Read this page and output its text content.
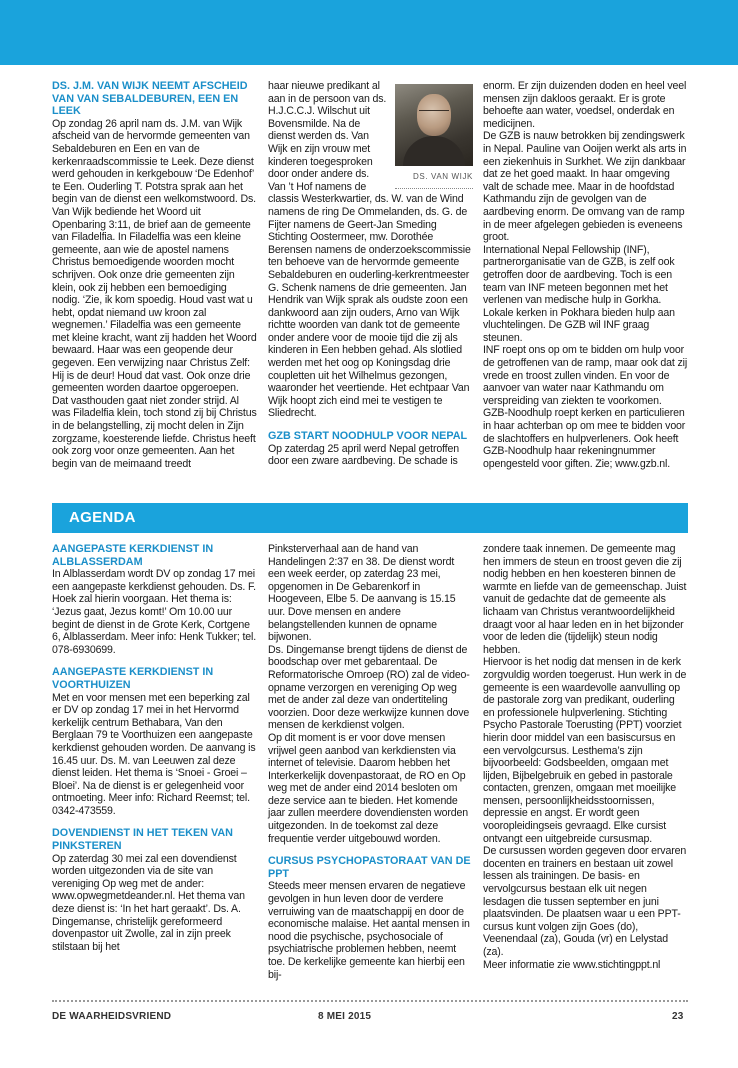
DS. J.M. VAN WIJK NEEMT AFSCHEID VAN VAN SEBALDEBUREN, EEN EN LEEK

Op zondag 26 april nam ds. J.M. van Wijk afscheid van de hervormde gemeenten van Sebaldeburen en Een en van de kerkenraadscommissie te Leek. Deze dienst werd gehouden in kerkgebouw ‘De Edenhof’ te Een. Ouderling T. Potstra sprak aan het begin van de dienst een welkomstwoord. Ds. Van Wijk bediende het Woord uit Openbaring 3:11, de brief aan de gemeente van Filadelfia. In Filadelfia was een kleine gemeente, aan wie de apostel namens Christus bemoedigende woorden mocht schrijven. Ook onze drie gemeenten zijn klein, ook zij hebben een bemoediging nodig. ‘Zie, ik kom spoedig. Houd vast wat u hebt, opdat niemand uw kroon zal wegnemen.’ Filadelfia was een gemeente met kleine kracht, want zij hadden het Woord bewaard. Haar was een geopende deur gegeven. Een verwijzing naar Christus Zelf: Hij is de deur! Houd dat vast. Ook onze drie gemeenten worden daartoe opgeroepen. Dat vasthouden gaat niet zonder strijd. Al was Filadelfia klein, toch stond zij bij Christus in de belangstelling, zij mocht delen in Zijn zorgzame, koesterende liefde. Christus heeft ook zorg voor onze gemeenten. Aan het begin van de meimaand treedt

DS. VAN WIJK

haar nieuwe predikant al aan in de persoon van ds. H.J.C.C.J. Wilschut uit Bovensmilde. Na de dienst werden ds. Van Wijk en zijn vrouw met kinderen toegesproken door onder andere ds. Van ’t Hof namens de classis Westerkwartier, ds. W. van de Wind namens de ring De Ommelanden, ds. G. de Fijter namens de Geert-Jan Smeding Stichting Oostermeer, mw. Dorothée Berensen namens de onderzoekscommissie ten behoeve van de hervormde gemeente Sebaldeburen en ouderling-kerkrentmeester G. Schenk namens de drie gemeenten. Jan Hendrik van Wijk sprak als oudste zoon een dankwoord aan zijn ouders, Arno van Wijk richtte woorden van dank tot de gemeente onder andere voor de mooie tijd die zij als kinderen in Een hebben gehad. Als slotlied werden met het oog op Koningsdag drie coupletten uit het Wilhelmus gezongen, waaronder het veertiende. Het echtpaar Van Wijk hoopt zich eind mei te vestigen te Sliedrecht.

GZB START NOODHULP VOOR NEPAL

Op zaterdag 25 april werd Nepal getroffen door een zware aardbeving. De schade is

enorm. Er zijn duizenden doden en heel veel mensen zijn dakloos geraakt. Er is grote behoefte aan water, voedsel, onderdak en medicijnen.

De GZB is nauw betrokken bij zendingswerk in Nepal. Pauline van Ooijen werkt als arts in een ziekenhuis in Surkhet. We zijn dankbaar dat ze het goed maakt. In haar omgeving valt de schade mee. Maar in de hoofdstad Kathmandu zijn de gevolgen van de aardbeving enorm. De omvang van de ramp in de meer afgelegen gebieden is eveneens groot.

International Nepal Fellowship (INF), partnerorganisatie van de GZB, is zelf ook getroffen door de aardbeving. Toch is een team van INF meteen begonnen met het verlenen van medische hulp in Gorkha. Lokale kerken in Pokhara bieden hulp aan vluchtelingen. De GZB wil INF graag steunen.

INF roept ons op om te bidden om hulp voor de getroffenen van de ramp, maar ook dat zij vrede en troost zullen vinden. En voor de aanvoer van water naar Kathmandu om verspreiding van ziekten te voorkomen. GZB-Noodhulp roept kerken en particulieren in haar achterban op om mee te bidden voor de slachtoffers en hulpverleners. Ook heeft GZB-Noodhulp haar rekeningnummer opengesteld voor giften. Zie; www.gzb.nl.

AGENDA
AANGEPASTE KERKDIENST IN ALBLASSERDAM

In Alblasserdam wordt DV op zondag 17 mei een aangepaste kerkdienst gehouden. Ds. F. Hoek zal hierin voorgaan. Het thema is: ‘Jezus gaat, Jezus komt!’ Om 10.00 uur begint de dienst in de Grote Kerk, Cortgene 6, Alblasserdam. Meer info: Henk Tukker; tel. 078-6930699.

AANGEPASTE KERKDIENST IN VOORTHUIZEN

Met en voor mensen met een beperking zal er DV op zondag 17 mei in het Hervormd kerkelijk centrum Bethabara, Van den Berglaan 79 te Voorthuizen een aangepaste kerkdienst gehouden worden. De aanvang is 16.45 uur. Ds. M. van Leeuwen zal deze dienst leiden. Het thema is ‘Snoei - Groei – Bloei’. Na de dienst is er gelegenheid voor ontmoeting. Meer info: Richard Reemst; tel. 0342-473559.

DOVENDIENST IN HET TEKEN VAN PINKSTEREN

Op zaterdag 30 mei zal een dovendienst worden uitgezonden via de site van vereniging Op weg met de ander: www.opwegmetdeander.nl. Het thema van deze dienst is: ‘In het hart geraakt’. Ds. A. Dingemanse, christelijk gereformeerd dovenpastor uit Zwolle, zal in zijn preek stilstaan bij het

Pinksterverhaal aan de hand van Handelingen 2:37 en 38. De dienst wordt een week eerder, op zaterdag 23 mei, opgenomen in De Gebarenkorf in Hoogeveen, Elbe 5. De aanvang is 15.15 uur. Dove mensen en andere belangstellenden kunnen de opname bijwonen.

Ds. Dingemanse brengt tijdens de dienst de boodschap over met gebarentaal. De Reformatorische Omroep (RO) zal de video-opname verzorgen en vereniging Op weg met de ander zal deze van ondertiteling voorzien. Door deze werkwijze kunnen dove mensen de kerkdienst volgen.

Op dit moment is er voor dove mensen vrijwel geen aanbod van kerkdiensten via internet of televisie. Daarom hebben het Interkerkelijk dovenpastoraat, de RO en Op weg met de ander eind 2014 besloten om deze service aan te bieden. Het komende jaar zullen meerdere dovendiensten worden uitgezonden. In de toekomst zal deze frequentie verder uitgebouwd worden.

CURSUS PSYCHOPASTORAAT VAN DE PPT

Steeds meer mensen ervaren de negatieve gevolgen in hun leven door de verdere verruiwing van de maatschappij en door de economische malaise. Het aantal mensen in nood die psychische, psychosociale of psychiatrische problemen hebben, neemt toe. De kerkelijke gemeente kan hierbij een bij-

zondere taak innemen. De gemeente mag hen immers de steun en troost geven die zij nodig hebben en hen koesteren binnen de warmte en liefde van de gemeenschap. Juist vanuit de gedachte dat de gemeente als lichaam van Christus verantwoordelijkheid draagt voor al haar leden en in het bijzonder voor de leden die (tijdelijk) steun nodig hebben.

Hiervoor is het nodig dat mensen in de kerk zorgvuldig worden toegerust. Hun werk in de gemeente is een waardevolle aanvulling op de pastorale zorg van predikant, ouderling en professionele hulpverlening. Stichting Psycho Pastorale Toerusting (PPT) voorziet hierin door middel van een basiscursus en een vervolgcursus. Lesthema’s zijn bijvoorbeeld: Godsbeelden, omgaan met lijden, Bijbelgebruik en gebed in pastorale contacten, grenzen, omgaan met moeilijke mensen, persoonlijkheidsstoornissen, depressie en angst. Er wordt geen vooropleidingseis gevraagd. Elke cursist ontvangt een uitgebreide cursusmap.

De cursussen worden gegeven door ervaren docenten en trainers en bestaan uit zowel lessen als trainingen. De basis- en vervolgcursus bestaan elk uit negen lesdagen die tussen september en juni plaatsvinden. De plaatsen waar u een PPT-cursus kunt volgen zijn Goes (do), Veenendaal (za), Gouda (vr) en Lelystad (za).

Meer informatie zie www.stichtingppt.nl

DE WAARHEIDSVRIEND	8 MEI 2015	23
